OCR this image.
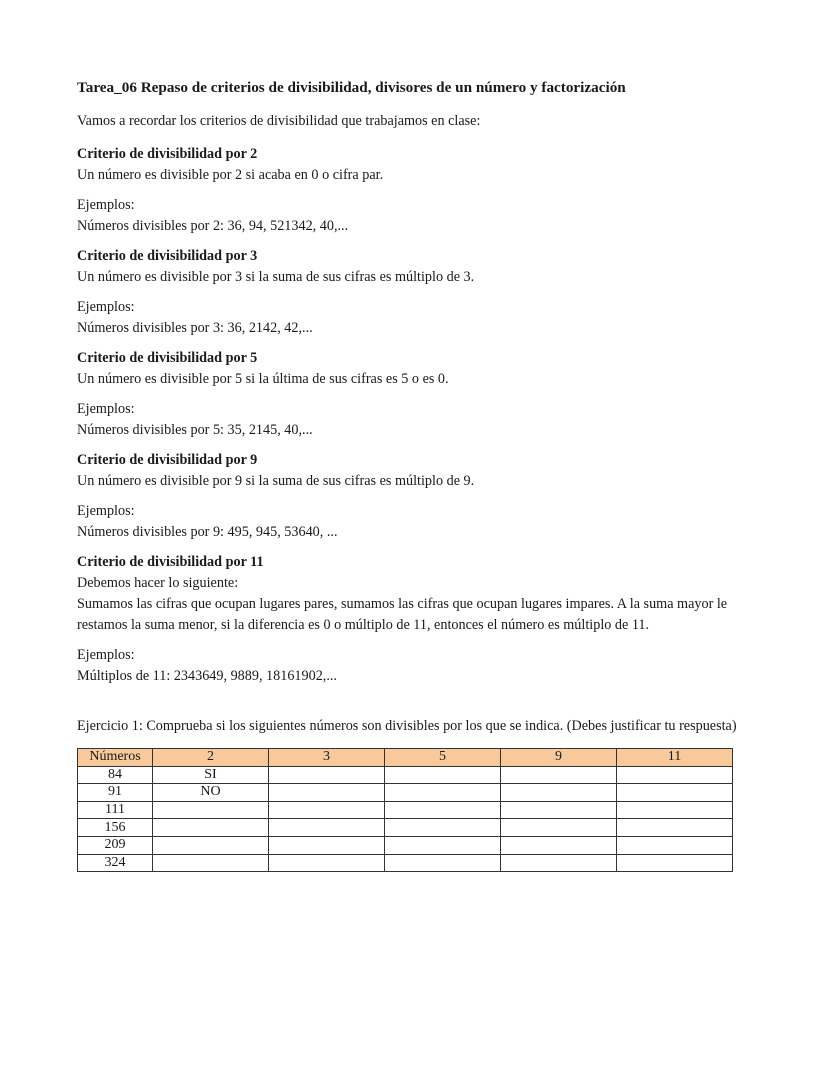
Tarea_06 Repaso de criterios de divisibilidad, divisores de un número y factorización

Vamos a recordar los criterios de divisibilidad que trabajamos en clase:

Criterio de divisibilidad por 2

Un número es divisible por 2 si acaba en 0 o cifra par.

Ejemplos:

Números divisibles por 2: 36, 94, 521342, 40,...

Criterio de divisibilidad por 3

Un número es divisible por 3 si la suma de sus cifras es múltiplo de 3.

Ejemplos:

Números divisibles por 3: 36, 2142, 42,...

Criterio de divisibilidad por 5

Un número es divisible por 5 si la última de sus cifras es 5 o es 0.

Ejemplos:

Números divisibles por 5: 35, 2145, 40,...

Criterio de divisibilidad por 9

Un número es divisible por 9 si la suma de sus cifras es múltiplo de 9.

Ejemplos:

Números divisibles por 9: 495, 945, 53640, ...

Criterio de divisibilidad por 11

Debemos hacer lo siguiente:

Sumamos las cifras que ocupan lugares pares, sumamos las cifras que ocupan lugares impares. A la suma mayor le restamos la suma menor, si la diferencia es 0 o múltiplo de 11, entonces el número es múltiplo de 11.

Ejemplos:

Múltiplos de 11: 2343649, 9889, 18161902,...

Ejercicio 1: Comprueba si los siguientes números son divisibles por los que se indica. (Debes justificar tu respuesta)

Números	2	3	5	9	11
84	SI				
91	NO				
111					
156					
209					
324					
